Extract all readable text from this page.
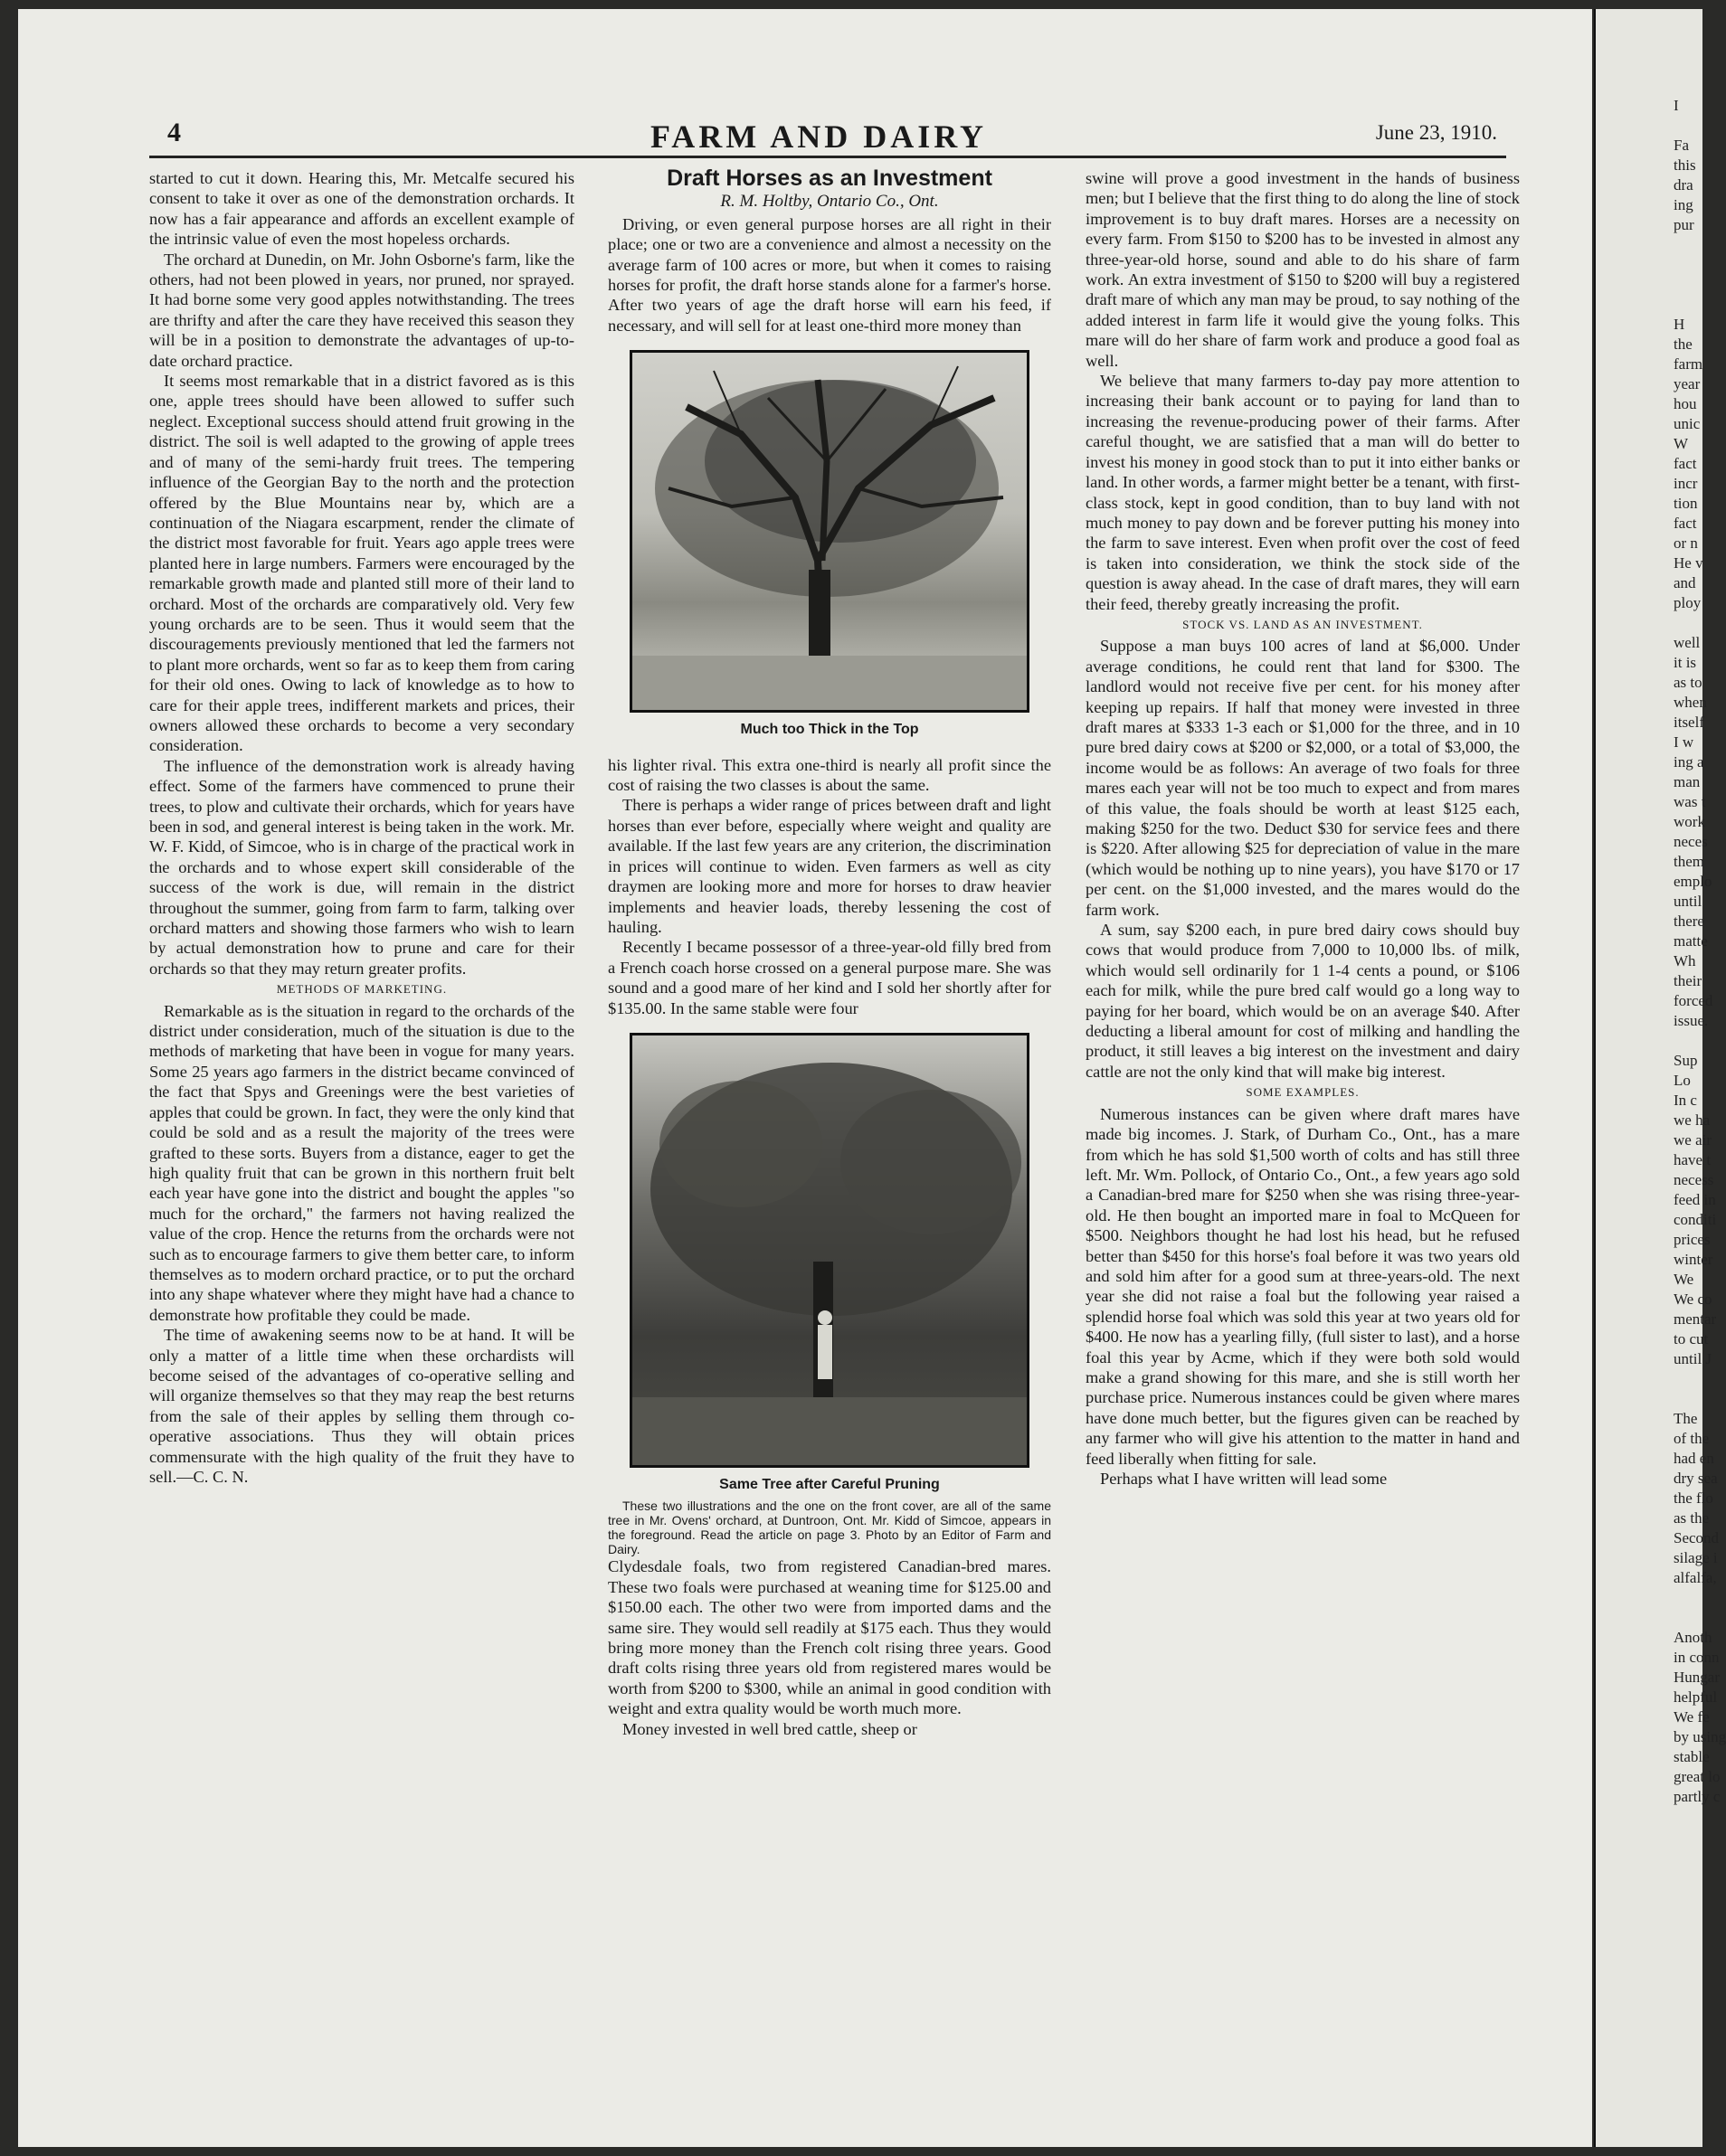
4	FARM AND DAIRY	June 23, 1910.

started to cut it down. Hearing this, Mr. Metcalfe secured his consent to take it over as one of the demonstration orchards. It now has a fair appearance and affords an excellent example of the intrinsic value of even the most hopeless orchards.

The orchard at Dunedin, on Mr. John Osborne's farm, like the others, had not been plowed in years, nor pruned, nor sprayed. It had borne some very good apples notwithstanding. The trees are thrifty and after the care they have received this season they will be in a position to demonstrate the advantages of up-to-date orchard practice.

It seems most remarkable that in a district favored as is this one, apple trees should have been allowed to suffer such neglect. Exceptional success should attend fruit growing in the district. The soil is well adapted to the growing of apple trees and of many of the semi-hardy fruit trees. The tempering influence of the Georgian Bay to the north and the protection offered by the Blue Mountains near by, which are a continuation of the Niagara escarpment, render the climate of the district most favorable for fruit. Years ago apple trees were planted here in large numbers. Farmers were encouraged by the remarkable growth made and planted still more of their land to orchard. Most of the orchards are comparatively old. Very few young orchards are to be seen. Thus it would seem that the discouragements previously mentioned that led the farmers not to plant more orchards, went so far as to keep them from caring for their old ones. Owing to lack of knowledge as to how to care for their apple trees, indifferent markets and prices, their owners allowed these orchards to become a very secondary consideration.

The influence of the demonstration work is already having effect. Some of the farmers have commenced to prune their trees, to plow and cultivate their orchards, which for years have been in sod, and general interest is being taken in the work. Mr. W. F. Kidd, of Simcoe, who is in charge of the practical work in the orchards and to whose expert skill considerable of the success of the work is due, will remain in the district throughout the summer, going from farm to farm, talking over orchard matters and showing those farmers who wish to learn by actual demonstration how to prune and care for their orchards so that they may return greater profits.

METHODS OF MARKETING.

Remarkable as is the situation in regard to the orchards of the district under consideration, much of the situation is due to the methods of marketing that have been in vogue for many years. Some 25 years ago farmers in the district became convinced of the fact that Spys and Greenings were the best varieties of apples that could be grown. In fact, they were the only kind that could be sold and as a result the majority of the trees were grafted to these sorts. Buyers from a distance, eager to get the high quality fruit that can be grown in this northern fruit belt each year have gone into the district and bought the apples "so much for the orchard," the farmers not having realized the value of the crop. Hence the returns from the orchards were not such as to encourage farmers to give them better care, to inform themselves as to modern orchard practice, or to put the orchard into any shape whatever where they might have had a chance to demonstrate how profitable they could be made.

The time of awakening seems now to be at hand. It will be only a matter of a little time when these orchardists will become seised of the advantages of co-operative selling and will organize themselves so that they may reap the best returns from the sale of their apples by selling them through co-operative associations. Thus they will obtain prices commensurate with the high quality of the fruit they have to sell.—C. C. N.

Draft Horses as an Investment
R. M. Holtby, Ontario Co., Ont.

Driving, or even general purpose horses are all right in their place; one or two are a convenience and almost a necessity on the average farm of 100 acres or more, but when it comes to raising horses for profit, the draft horse stands alone for a farmer's horse. After two years of age the draft horse will earn his feed, if necessary, and will sell for at least one-third more money than

Much too Thick in the Top

his lighter rival. This extra one-third is nearly all profit since the cost of raising the two classes is about the same.

There is perhaps a wider range of prices between draft and light horses than ever before, especially where weight and quality are available. If the last few years are any criterion, the discrimination in prices will continue to widen. Even farmers as well as city draymen are looking more and more for horses to draw heavier implements and heavier loads, thereby lessening the cost of hauling.

Recently I became possessor of a three-year-old filly bred from a French coach horse crossed on a general purpose mare. She was sound and a good mare of her kind and I sold her shortly after for $135.00. In the same stable were four

Same Tree after Careful Pruning

These two illustrations and the one on the front cover, are all of the same tree in Mr. Ovens' orchard, at Duntroon, Ont. Mr. Kidd of Simcoe, appears in the foreground. Read the article on page 3. Photo by an Editor of Farm and Dairy.

Clydesdale foals, two from registered Canadian-bred mares. These two foals were purchased at weaning time for $125.00 and $150.00 each. The other two were from imported dams and the same sire. They would sell readily at $175 each. Thus they would bring more money than the French colt rising three years. Good draft colts rising three years old from registered mares would be worth from $200 to $300, while an animal in good condition with weight and extra quality would be worth much more.

Money invested in well bred cattle, sheep or

swine will prove a good investment in the hands of business men; but I believe that the first thing to do along the line of stock improvement is to buy draft mares. Horses are a necessity on every farm. From $150 to $200 has to be invested in almost any three-year-old horse, sound and able to do his share of farm work. An extra investment of $150 to $200 will buy a registered draft mare of which any man may be proud, to say nothing of the added interest in farm life it would give the young folks. This mare will do her share of farm work and produce a good foal as well.

We believe that many farmers to-day pay more attention to increasing their bank account or to paying for land than to increasing the revenue-producing power of their farms. After careful thought, we are satisfied that a man will do better to invest his money in good stock than to put it into either banks or land. In other words, a farmer might better be a tenant, with first-class stock, kept in good condition, than to buy land with not much money to pay down and be forever putting his money into the farm to save interest. Even when profit over the cost of feed is taken into consideration, we think the stock side of the question is away ahead. In the case of draft mares, they will earn their feed, thereby greatly increasing the profit.

STOCK VS. LAND AS AN INVESTMENT.

Suppose a man buys 100 acres of land at $6,000. Under average conditions, he could rent that land for $300. The landlord would not receive five per cent. for his money after keeping up repairs. If half that money were invested in three draft mares at $333 1-3 each or $1,000 for the three, and in 10 pure bred dairy cows at $200 or $2,000, or a total of $3,000, the income would be as follows: An average of two foals for three mares each year will not be too much to expect and from mares of this value, the foals should be worth at least $125 each, making $250 for the two. Deduct $30 for service fees and there is $220. After allowing $25 for depreciation of value in the mare (which would be nothing up to nine years), you have $170 or 17 per cent. on the $1,000 invested, and the mares would do the farm work.

A sum, say $200 each, in pure bred dairy cows should buy cows that would produce from 7,000 to 10,000 lbs. of milk, which would sell ordinarily for 1 1-4 cents a pound, or $106 each for milk, while the pure bred calf would go a long way to paying for her board, which would be on an average $40. After deducting a liberal amount for cost of milking and handling the product, it still leaves a big interest on the investment and dairy cattle are not the only kind that will make big interest.

SOME EXAMPLES.

Numerous instances can be given where draft mares have made big incomes. J. Stark, of Durham Co., Ont., has a mare from which he has sold $1,500 worth of colts and has still three left. Mr. Wm. Pollock, of Ontario Co., Ont., a few years ago sold a Canadian-bred mare for $250 when she was rising three-year-old. He then bought an imported mare in foal to McQueen for $500. Neighbors thought he had lost his head, but he refused better than $450 for this horse's foal before it was two years old and sold him after for a good sum at three-years-old. The next year she did not raise a foal but the following year raised a splendid horse foal which was sold this year at two years old for $400. He now has a yearling filly, (full sister to last), and a horse foal this year by Acme, which if they were both sold would make a grand showing for this mare, and she is still worth her purchase price. Numerous instances could be given where mares have done much better, but the figures given can be reached by any farmer who will give his attention to the matter in hand and feed liberally when fitting for sale.

Perhaps what I have written will lead some

I

Fa
this
dra
ing
pur

H
the
farm
year
hou
unic
W
fact
incr
tion
fact
or n
He v
and
ploy

well
it is
as to
when
itself
I w
ing a
man
was t
work
neces
them
emplo
until
there
matte
Wh
their
forced
issue.

Sup
Lo
In c
we ha
we air
have t
necess
feed in
conditi
prices
winter
We
We co
mentar
to cut
until J

The
of the
had en
dry sea
the flo
as the
Second
silage i
alfalfa,

Anoth
in conn
Hungar
helpful
We fe
by using
stable
great lo
partly c
